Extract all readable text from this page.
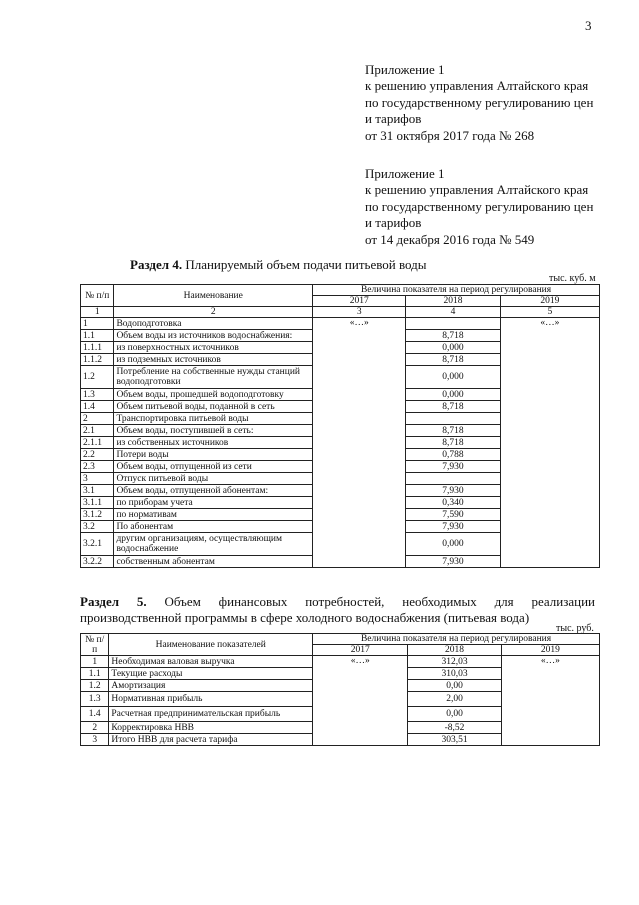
3
Приложение 1
к решению управления Алтайского края
по государственному регулированию цен
и тарифов
от 31 октября 2017 года № 268
Приложение 1
к решению управления Алтайского края
по государственному регулированию цен
и тарифов
от 14 декабря 2016 года № 549
Раздел 4. Планируемый объем подачи питьевой воды
тыс. куб. м
№ п/п	Наименование	Величина показателя на период регулирования		
		2017	2018	2019
1	2	3	4	5
1	Водоподготовка	«…»		«…»
1.1	Объем воды из источников водоснабжения:		8,718	
1.1.1	из поверхностных источников		0,000	
1.1.2	из подземных источников		8,718	
1.2	Потребление на собственные нужды станций водоподготовки		0,000	
1.3	Объем воды, прошедшей водоподготовку		0,000	
1.4	Объем питьевой воды, поданной в сеть		8,718	
2	Транспортировка питьевой воды			
2.1	Объем воды, поступившей в сеть:		8,718	
2.1.1	из собственных источников		8,718	
2.2	Потери воды		0,788	
2.3	Объем воды, отпущенной из сети		7,930	
3	Отпуск питьевой воды			
3.1	Объем воды, отпущенной абонентам:		7,930	
3.1.1	по приборам учета		0,340	
3.1.2	по нормативам		7,590	
3.2	По абонентам		7,930	
3.2.1	другим организациям, осуществляющим водоснабжение		0,000	
3.2.2	собственным абонентам		7,930	
Раздел 5. Объем финансовых потребностей, необходимых для реализации производственной программы в сфере холодного водоснабжения (питьевая вода)
тыс. руб.
№ п/п	Наименование показателей	Величина показателя на период регулирования		
		2017	2018	2019
1	Необходимая валовая выручка	«…»	312,03	«…»
1.1	Текущие расходы		310,03	
1.2	Амортизация		0,00	
1.3	Нормативная прибыль		2,00	
1.4	Расчетная предпринимательская прибыль		0,00	
2	Корректировка НВВ		-8,52	
3	Итого НВВ для расчета тарифа		303,51	
